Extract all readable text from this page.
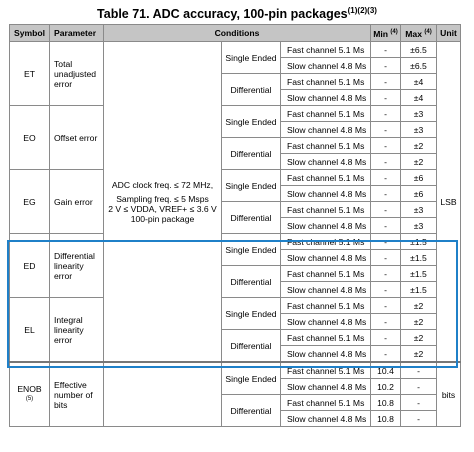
Table 71. ADC accuracy, 100-pin packages$^{(1)(2)(3)}$
Symbol	Parameter	Conditions			Min $^{(4)}$	Max $^{(4)}$	Unit
ET	Total unadjusted error	ADC clock freq. ≤ 72 MHz,
Sampling freq. ≤ 5 Msps
2 V ≤ VDDA, VREF+ ≤ 3.6 V
100-pin package	Single Ended	Fast channel 5.1 Ms	-	±6.5	LSB
				Slow channel 4.8 Ms	-	±6.5	
			Differential	Fast channel 5.1 Ms	-	±4	
				Slow channel 4.8 Ms	-	±4	
EO	Offset error		Single Ended	Fast channel 5.1 Ms	-	±3	
				Slow channel 4.8 Ms	-	±3	
			Differential	Fast channel 5.1 Ms	-	±2	
				Slow channel 4.8 Ms	-	±2	
EG	Gain error		Single Ended	Fast channel 5.1 Ms	-	±6	
				Slow channel 4.8 Ms	-	±6	
			Differential	Fast channel 5.1 Ms	-	±3	
				Slow channel 4.8 Ms	-	±3	
ED	Differential linearity error		Single Ended	Fast channel 5.1 Ms	-	±1.5	
				Slow channel 4.8 Ms	-	±1.5	
			Differential	Fast channel 5.1 Ms	-	±1.5	
				Slow channel 4.8 Ms	-	±1.5	
EL	Integral linearity error		Single Ended	Fast channel 5.1 Ms	-	±2	
				Slow channel 4.8 Ms	-	±2	
			Differential	Fast channel 5.1 Ms	-	±2	
				Slow channel 4.8 Ms	-	±2	
ENOB
$^{(5)}$	Effective number of bits		Single Ended	Fast channel 5.1 Ms	10.4	-	bits
				Slow channel 4.8 Ms	10.2	-	
			Differential	Fast channel 5.1 Ms	10.8	-	
				Slow channel 4.8 Ms	10.8	-	
